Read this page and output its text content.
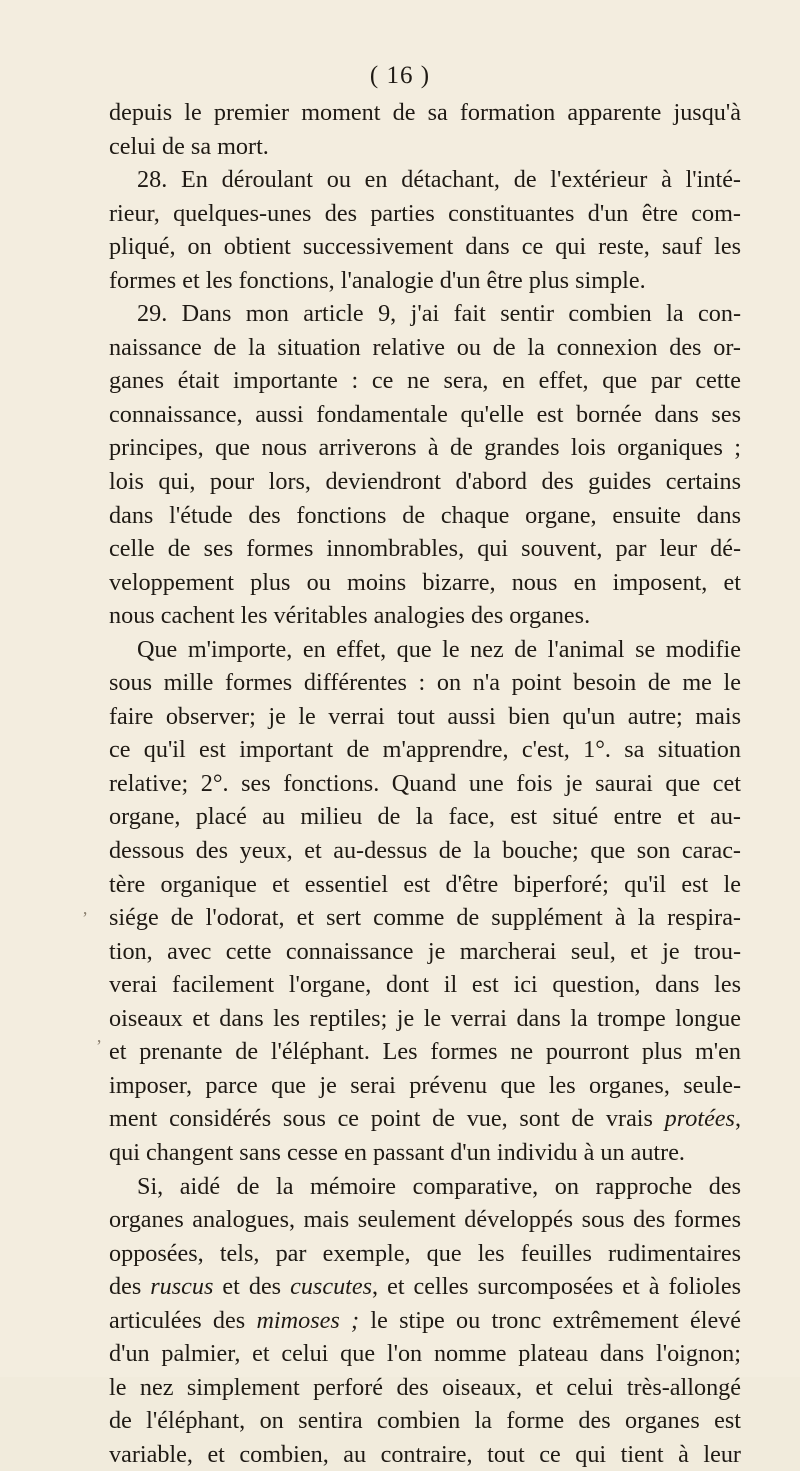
( 16 )
depuis le premier moment de sa formation apparente jusqu'à
celui de sa mort.
28. En déroulant ou en détachant, de l'extérieur à l'inté-
rieur, quelques-unes des parties constituantes d'un être com-
pliqué, on obtient successivement dans ce qui reste, sauf les
formes et les fonctions, l'analogie d'un être plus simple.
29. Dans mon article 9, j'ai fait sentir combien la con-
naissance de la situation relative ou de la connexion des or-
ganes était importante : ce ne sera, en effet, que par cette
connaissance, aussi fondamentale qu'elle est bornée dans ses
principes, que nous arriverons à de grandes lois organiques ;
lois qui, pour lors, deviendront d'abord des guides certains
dans l'étude des fonctions de chaque organe, ensuite dans
celle de ses formes innombrables, qui souvent, par leur dé-
veloppement plus ou moins bizarre, nous en imposent, et
nous cachent les véritables analogies des organes.
Que m'importe, en effet, que le nez de l'animal se modifie
sous mille formes différentes : on n'a point besoin de me le
faire observer; je le verrai tout aussi bien qu'un autre; mais
ce qu'il est important de m'apprendre, c'est, 1°. sa situation
relative; 2°. ses fonctions. Quand une fois je saurai que cet
organe, placé au milieu de la face, est situé entre et au-
dessous des yeux, et au-dessus de la bouche; que son carac-
tère organique et essentiel est d'être biperforé; qu'il est le
siége de l'odorat, et sert comme de supplément à la respira-
tion, avec cette connaissance je marcherai seul, et je trou-
verai facilement l'organe, dont il est ici question, dans les
oiseaux et dans les reptiles; je le verrai dans la trompe longue
et prenante de l'éléphant. Les formes ne pourront plus m'en
imposer, parce que je serai prévenu que les organes, seule-
ment considérés sous ce point de vue, sont de vrais protées,
qui changent sans cesse en passant d'un individu à un autre.
Si, aidé de la mémoire comparative, on rapproche des
organes analogues, mais seulement développés sous des formes
opposées, tels, par exemple, que les feuilles rudimentaires
des ruscus et des cuscutes, et celles surcomposées et à folioles
articulées des mimoses ; le stipe ou tronc extrêmement élevé
d'un palmier, et celui que l'on nomme plateau dans l'oignon;
le nez simplement perforé des oiseaux, et celui très-allongé
de l'éléphant, on sentira combien la forme des organes est
variable, et combien, au contraire, tout ce qui tient à leur
ʼ
ʼ
